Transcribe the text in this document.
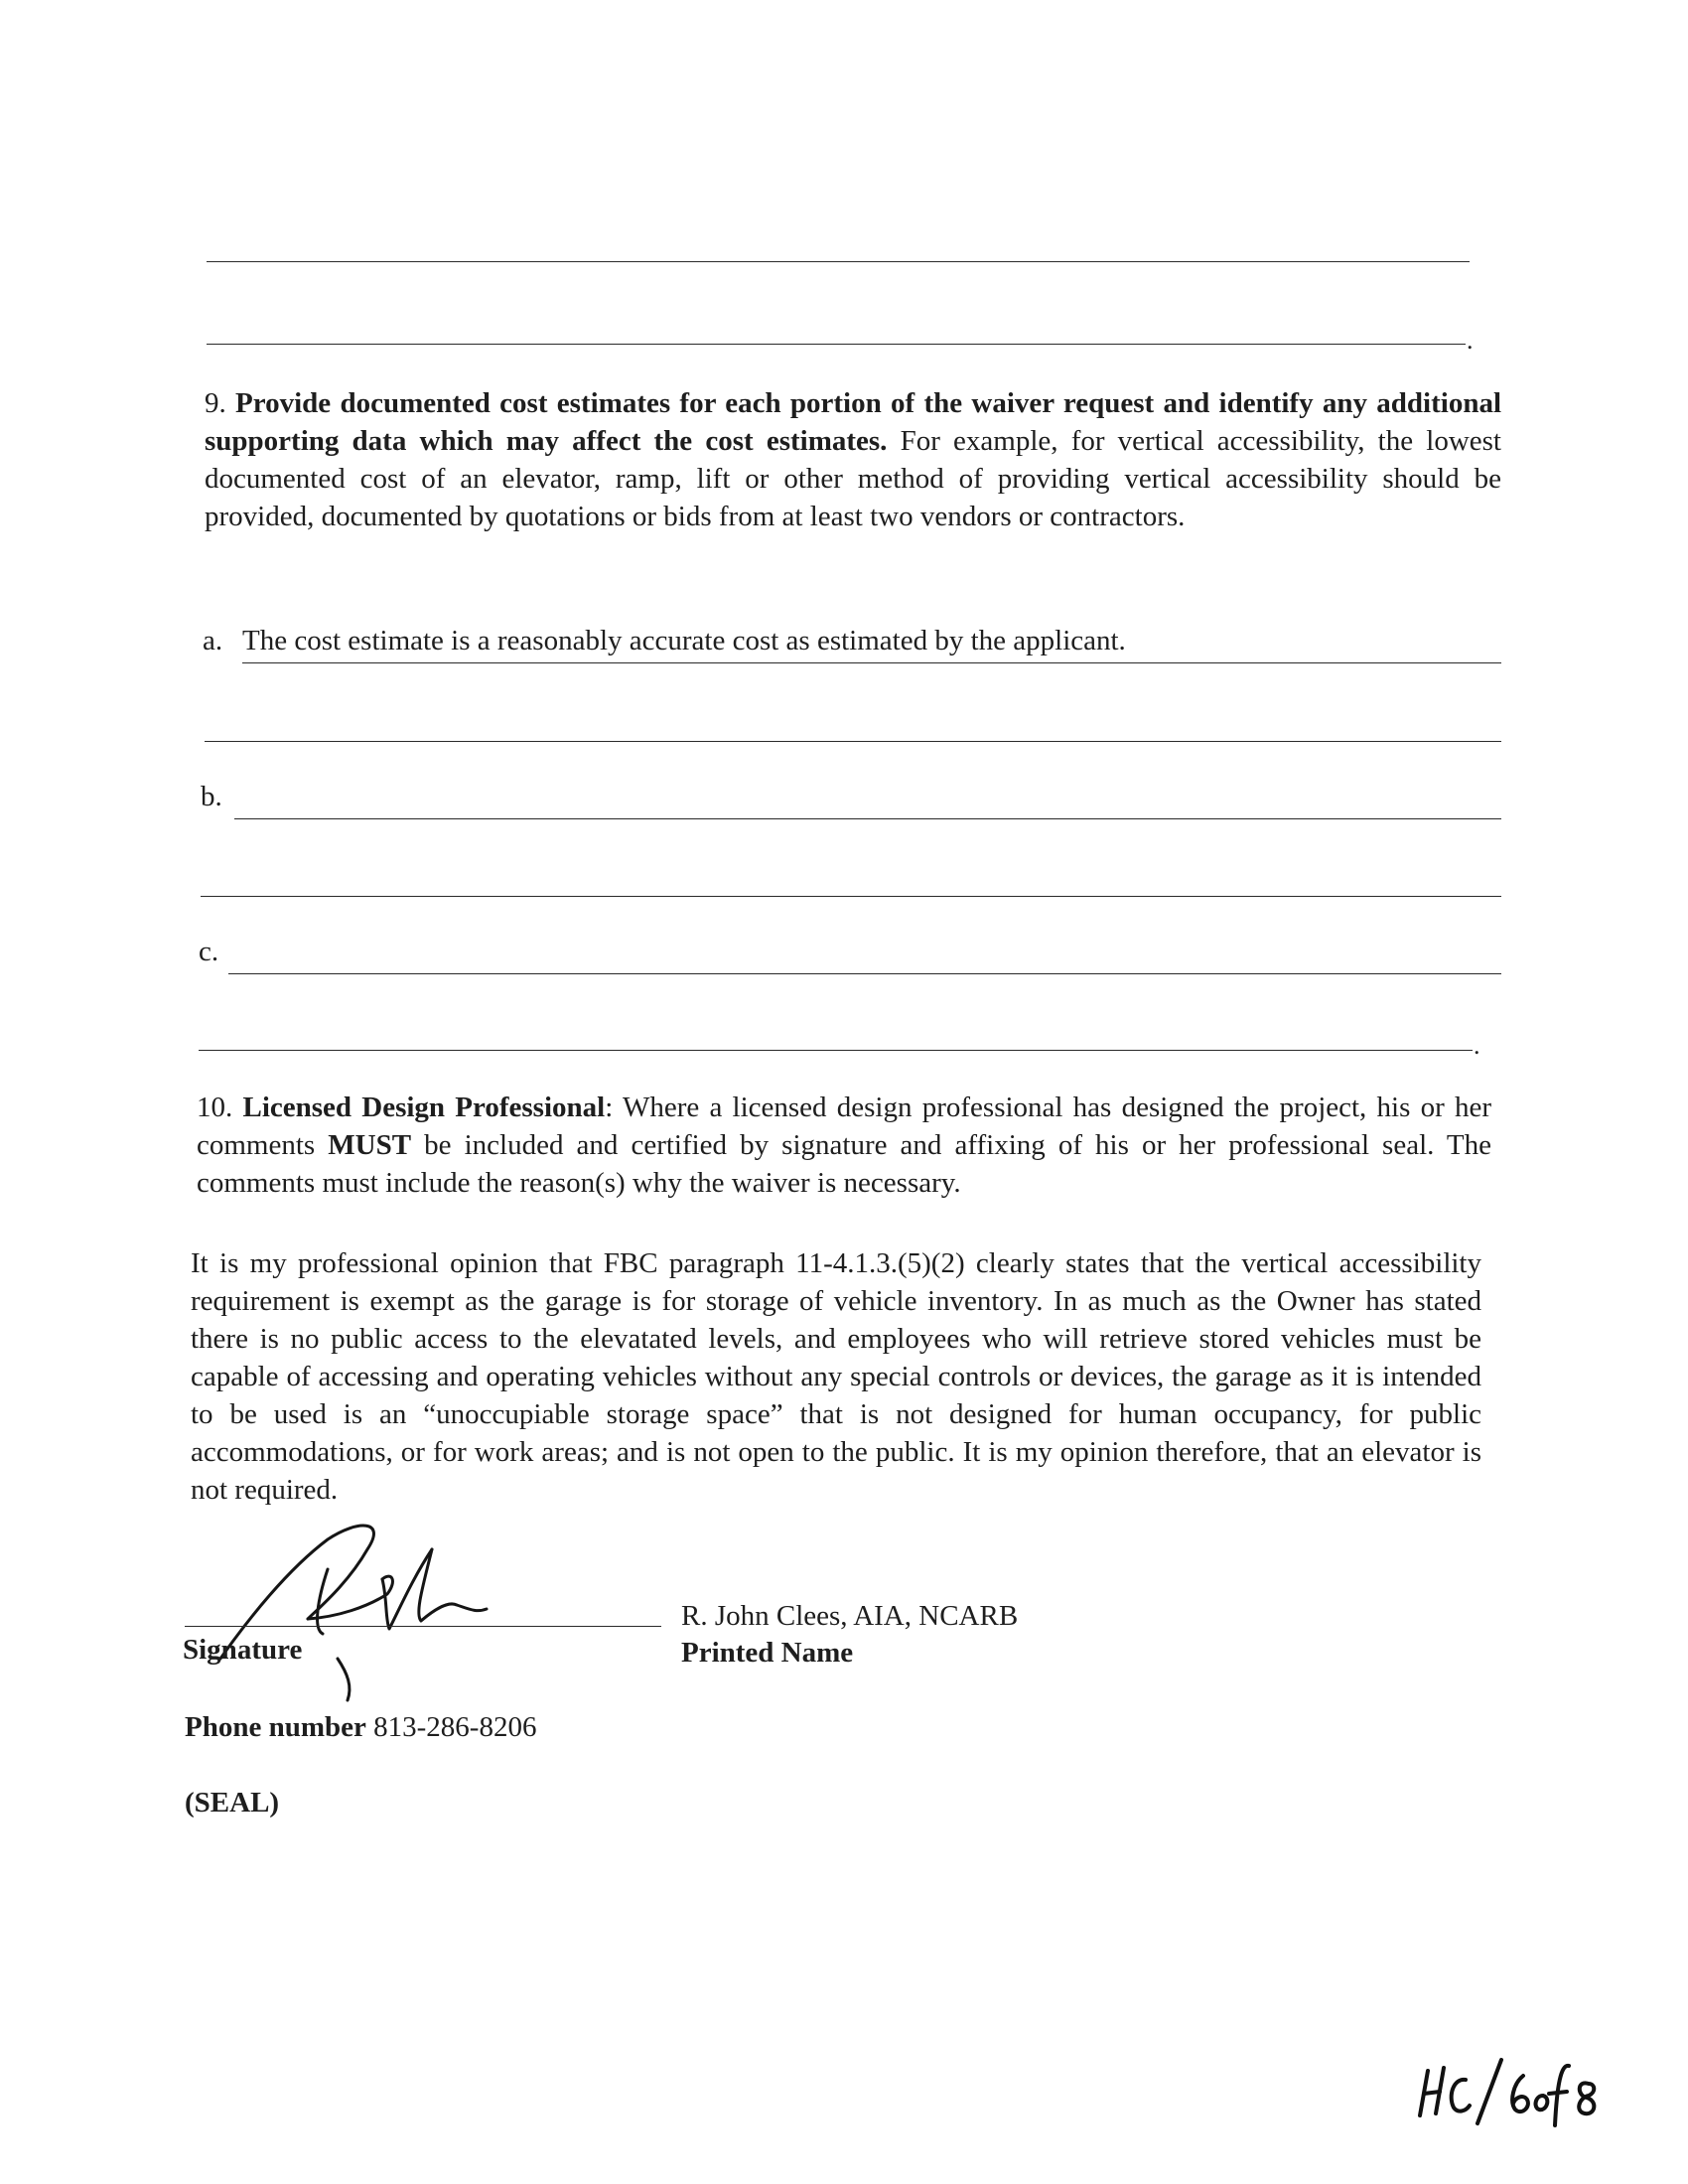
.
9. Provide documented cost estimates for each portion of the waiver request and identify any additional supporting data which may affect the cost estimates. For example, for vertical accessibility, the lowest documented cost of an elevator, ramp, lift or other method of providing vertical accessibility should be provided, documented by quotations or bids from at least two vendors or contractors.
a. The cost estimate is a reasonably accurate cost as estimated by the applicant.
b.
c.
.
10. Licensed Design Professional: Where a licensed design professional has designed the project, his or her comments MUST be included and certified by signature and affixing of his or her professional seal. The comments must include the reason(s) why the waiver is necessary.
It is my professional opinion that FBC paragraph 11-4.1.3.(5)(2) clearly states that the vertical accessibility requirement is exempt as the garage is for storage of vehicle inventory. In as much as the Owner has stated there is no public access to the elevatated levels, and employees who will retrieve stored vehicles must be capable of accessing and operating vehicles without any special controls or devices, the garage as it is intended to be used is an “unoccupiable storage space” that is not designed for human occupancy, for public accommodations, or for work areas; and is not open to the public. It is my opinion therefore, that an elevator is not required.
Signature
R. John Clees, AIA, NCARB
Printed Name
Phone number 813-286-8206
(SEAL)
